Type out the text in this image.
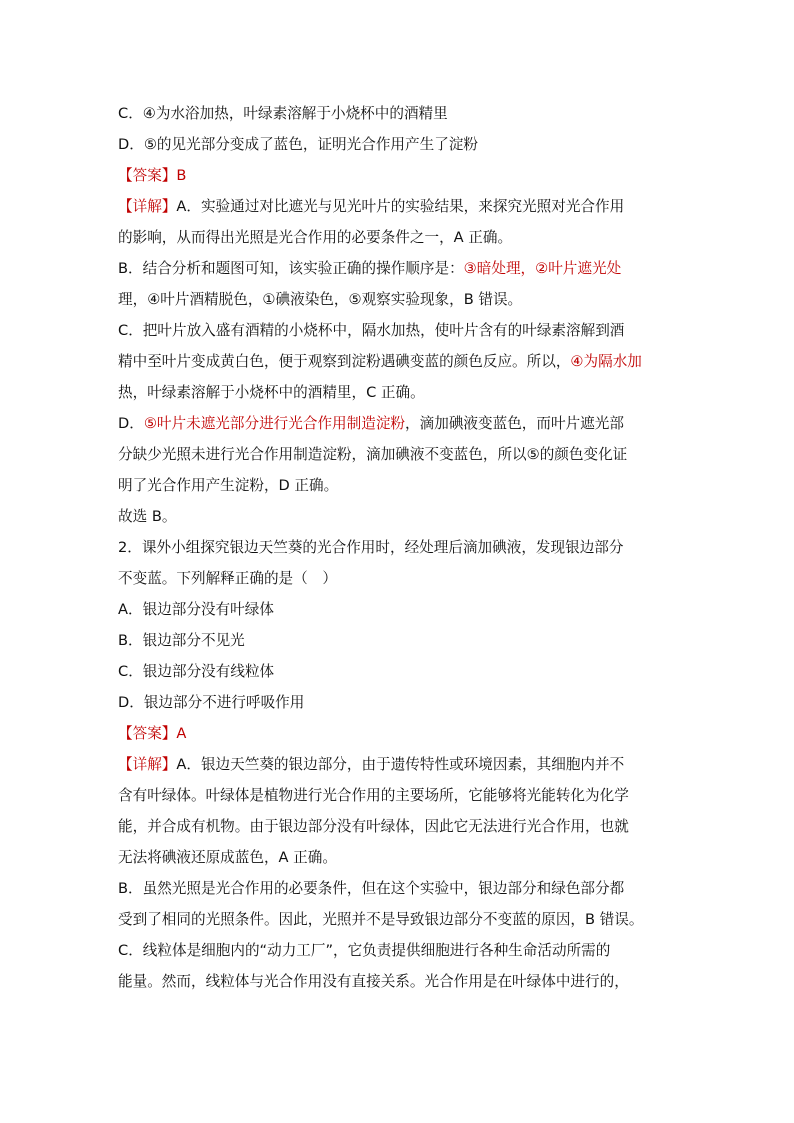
C．④为水浴加热，叶绿素溶解于小烧杯中的酒精里
D．⑤的见光部分变成了蓝色，证明光合作用产生了淀粉
【答案】B
【详解】A．实验通过对比遮光与见光叶片的实验结果，来探究光照对光合作用
的影响，从而得出光照是光合作用的必要条件之一，A 正确。
B．结合分析和题图可知，该实验正确的操作顺序是：③暗处理，②叶片遮光处
理，④叶片酒精脱色，①碘液染色，⑤观察实验现象，B 错误。
C．把叶片放入盛有酒精的小烧杯中，隔水加热，使叶片含有的叶绿素溶解到酒
精中至叶片变成黄白色，便于观察到淀粉遇碘变蓝的颜色反应。所以，④为隔水加
热，叶绿素溶解于小烧杯中的酒精里，C 正确。
D．⑤叶片未遮光部分进行光合作用制造淀粉，滴加碘液变蓝色，而叶片遮光部
分缺少光照未进行光合作用制造淀粉，滴加碘液不变蓝色，所以⑤的颜色变化证
明了光合作用产生淀粉，D 正确。
故选 B。
2．课外小组探究银边天竺葵的光合作用时，经处理后滴加碘液，发现银边部分
不变蓝。下列解释正确的是（　）
A．银边部分没有叶绿体
B．银边部分不见光
C．银边部分没有线粒体
D．银边部分不进行呼吸作用
【答案】A
【详解】A．银边天竺葵的银边部分，由于遗传特性或环境因素，其细胞内并不
含有叶绿体。叶绿体是植物进行光合作用的主要场所，它能够将光能转化为化学
能，并合成有机物。由于银边部分没有叶绿体，因此它无法进行光合作用，也就
无法将碘液还原成蓝色，A 正确。
B．虽然光照是光合作用的必要条件，但在这个实验中，银边部分和绿色部分都
受到了相同的光照条件。因此，光照并不是导致银边部分不变蓝的原因，B 错误。
C．线粒体是细胞内的“动力工厂”，它负责提供细胞进行各种生命活动所需的
能量。然而，线粒体与光合作用没有直接关系。光合作用是在叶绿体中进行的，
